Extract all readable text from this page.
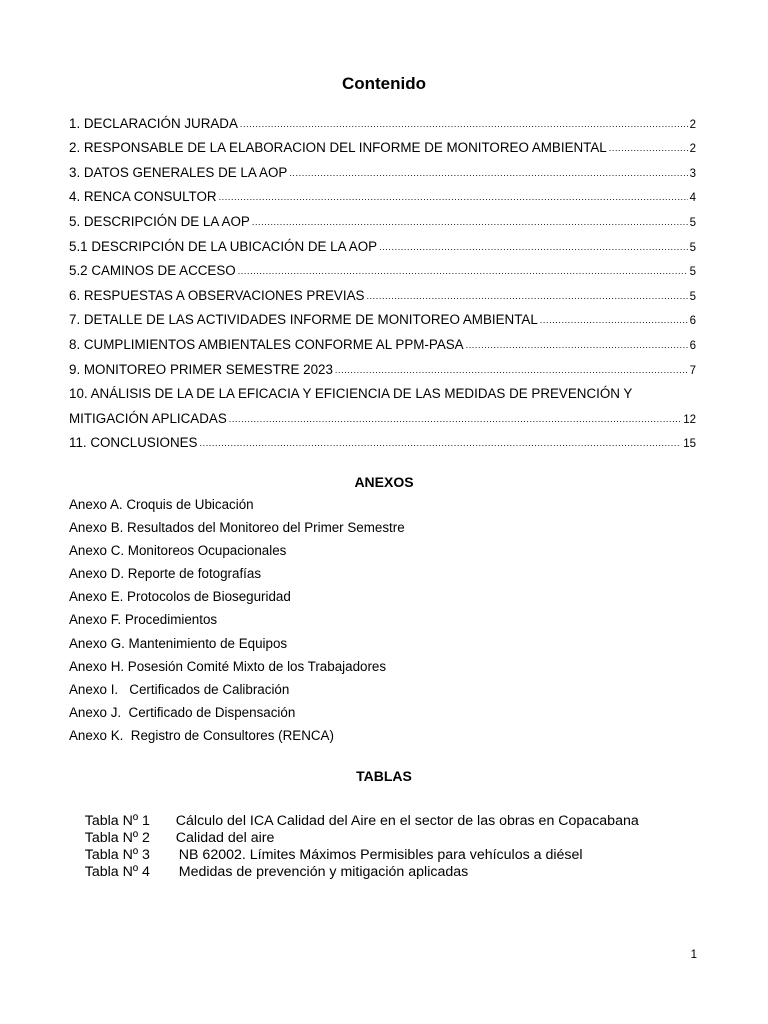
Contenido
1. DECLARACIÓN JURADA .....	2
2. RESPONSABLE DE LA ELABORACION DEL INFORME DE MONITOREO AMBIENTAL .....	2
3. DATOS GENERALES DE LA AOP .....	3
4. RENCA CONSULTOR .....	4
5. DESCRIPCIÓN DE LA AOP .....	5
5.1 DESCRIPCIÓN DE LA UBICACIÓN DE LA AOP .....	5
5.2 CAMINOS DE ACCESO .....	5
6. RESPUESTAS A OBSERVACIONES PREVIAS .....	5
7. DETALLE DE LAS ACTIVIDADES INFORME DE MONITOREO AMBIENTAL .....	6
8. CUMPLIMIENTOS AMBIENTALES CONFORME AL PPM-PASA .....	6
9. MONITOREO PRIMER SEMESTRE 2023 .....	7
10. ANÁLISIS DE LA DE LA EFICACIA Y EFICIENCIA DE LAS MEDIDAS DE PREVENCIÓN Y
MITIGACIÓN APLICADAS .....	12
11. CONCLUSIONES .....	15
ANEXOS
Anexo A. Croquis de Ubicación
Anexo B. Resultados del Monitoreo del Primer Semestre
Anexo C. Monitoreos Ocupacionales
Anexo D. Reporte de fotografías
Anexo E. Protocolos de Bioseguridad
Anexo F. Procedimientos
Anexo G. Mantenimiento de Equipos
Anexo H. Posesión Comité Mixto de los Trabajadores
Anexo I.   Certificados de Calibración
Anexo J.  Certificado de Dispensación
Anexo K.  Registro de Consultores (RENCA)
TABLAS

Tabla Nº 1 Cálculo del ICA Calidad del Aire en el sector de las obras en Copacabana

Tabla Nº 2 Calidad del aire

Tabla Nº 3 NB 62002. Límites Máximos Permisibles para vehículos a diésel

Tabla Nº 4 Medidas de prevención y mitigación aplicadas

1
